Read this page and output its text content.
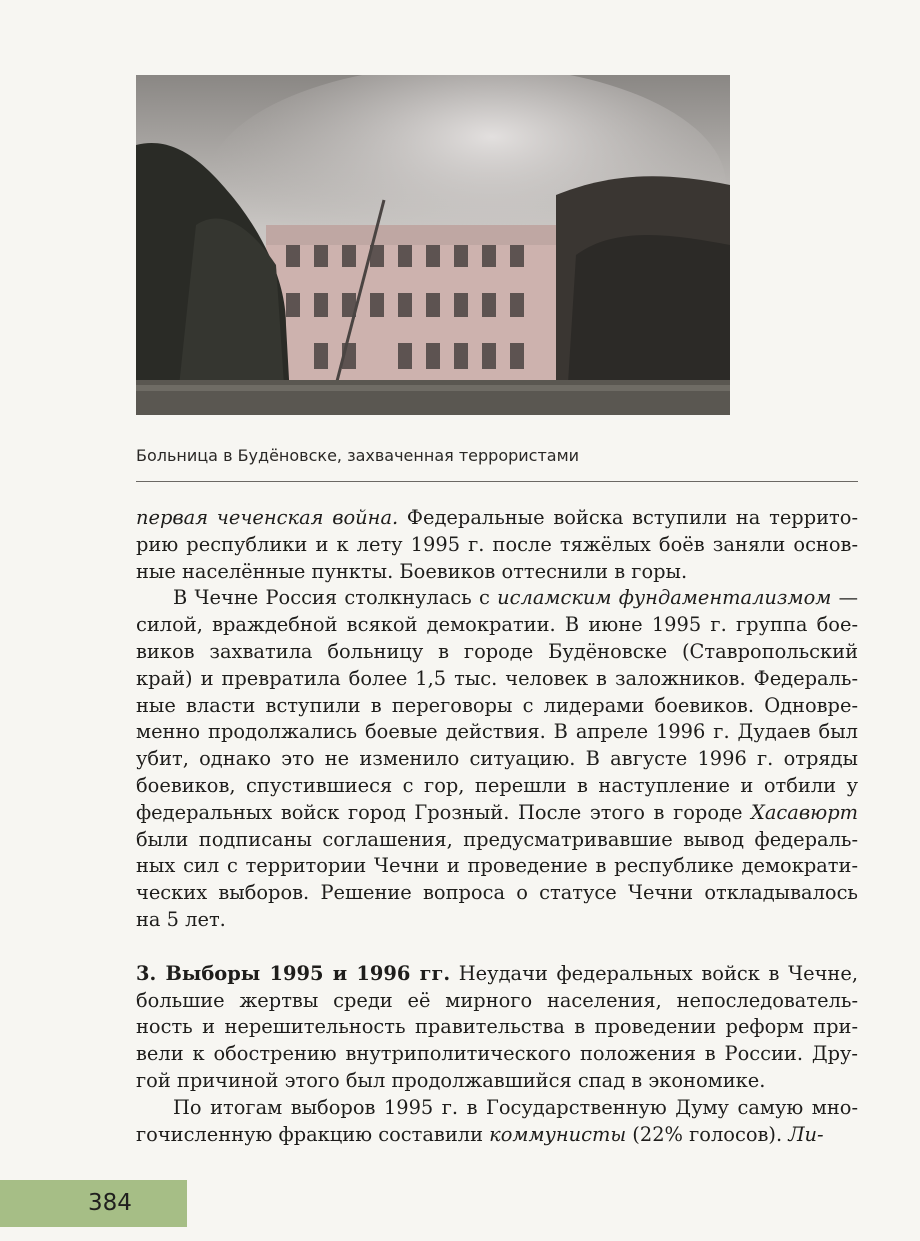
Больница в Будёновске, захваченная террористами

первая чеченская война. Федеральные войска вступили на террито-

рию республики и к лету 1995 г. после тяжёлых боёв заняли основ-

ные населённые пункты. Боевиков оттеснили в горы.

В Чечне Россия столкнулась с исламским фундаментализмом —

силой, враждебной всякой демократии. В июне 1995 г. группа бое-

виков захватила больницу в городе Будёновске (Ставропольский

край) и превратила более 1,5 тыс. человек в заложников. Федераль-

ные власти вступили в переговоры с лидерами боевиков. Одновре-

менно продолжались боевые действия. В апреле 1996 г. Дудаев был

убит, однако это не изменило ситуацию. В августе 1996 г. отряды

боевиков, спустившиеся с гор, перешли в наступление и отбили у

федеральных войск город Грозный. После этого в городе Хасавюрт

были подписаны соглашения, предусматривавшие вывод федераль-

ных сил с территории Чечни и проведение в республике демократи-

ческих выборов. Решение вопроса о статусе Чечни откладывалось

на 5 лет.

3. Выборы 1995 и 1996 гг. Неудачи федеральных войск в Чечне,

большие жертвы среди её мирного населения, непоследователь-

ность и нерешительность правительства в проведении реформ при-

вели к обострению внутриполитического положения в России. Дру-

гой причиной этого был продолжавшийся спад в экономике.

По итогам выборов 1995 г. в Государственную Думу самую мно-

гочисленную фракцию составили коммунисты (22% голосов). Ли-

384
